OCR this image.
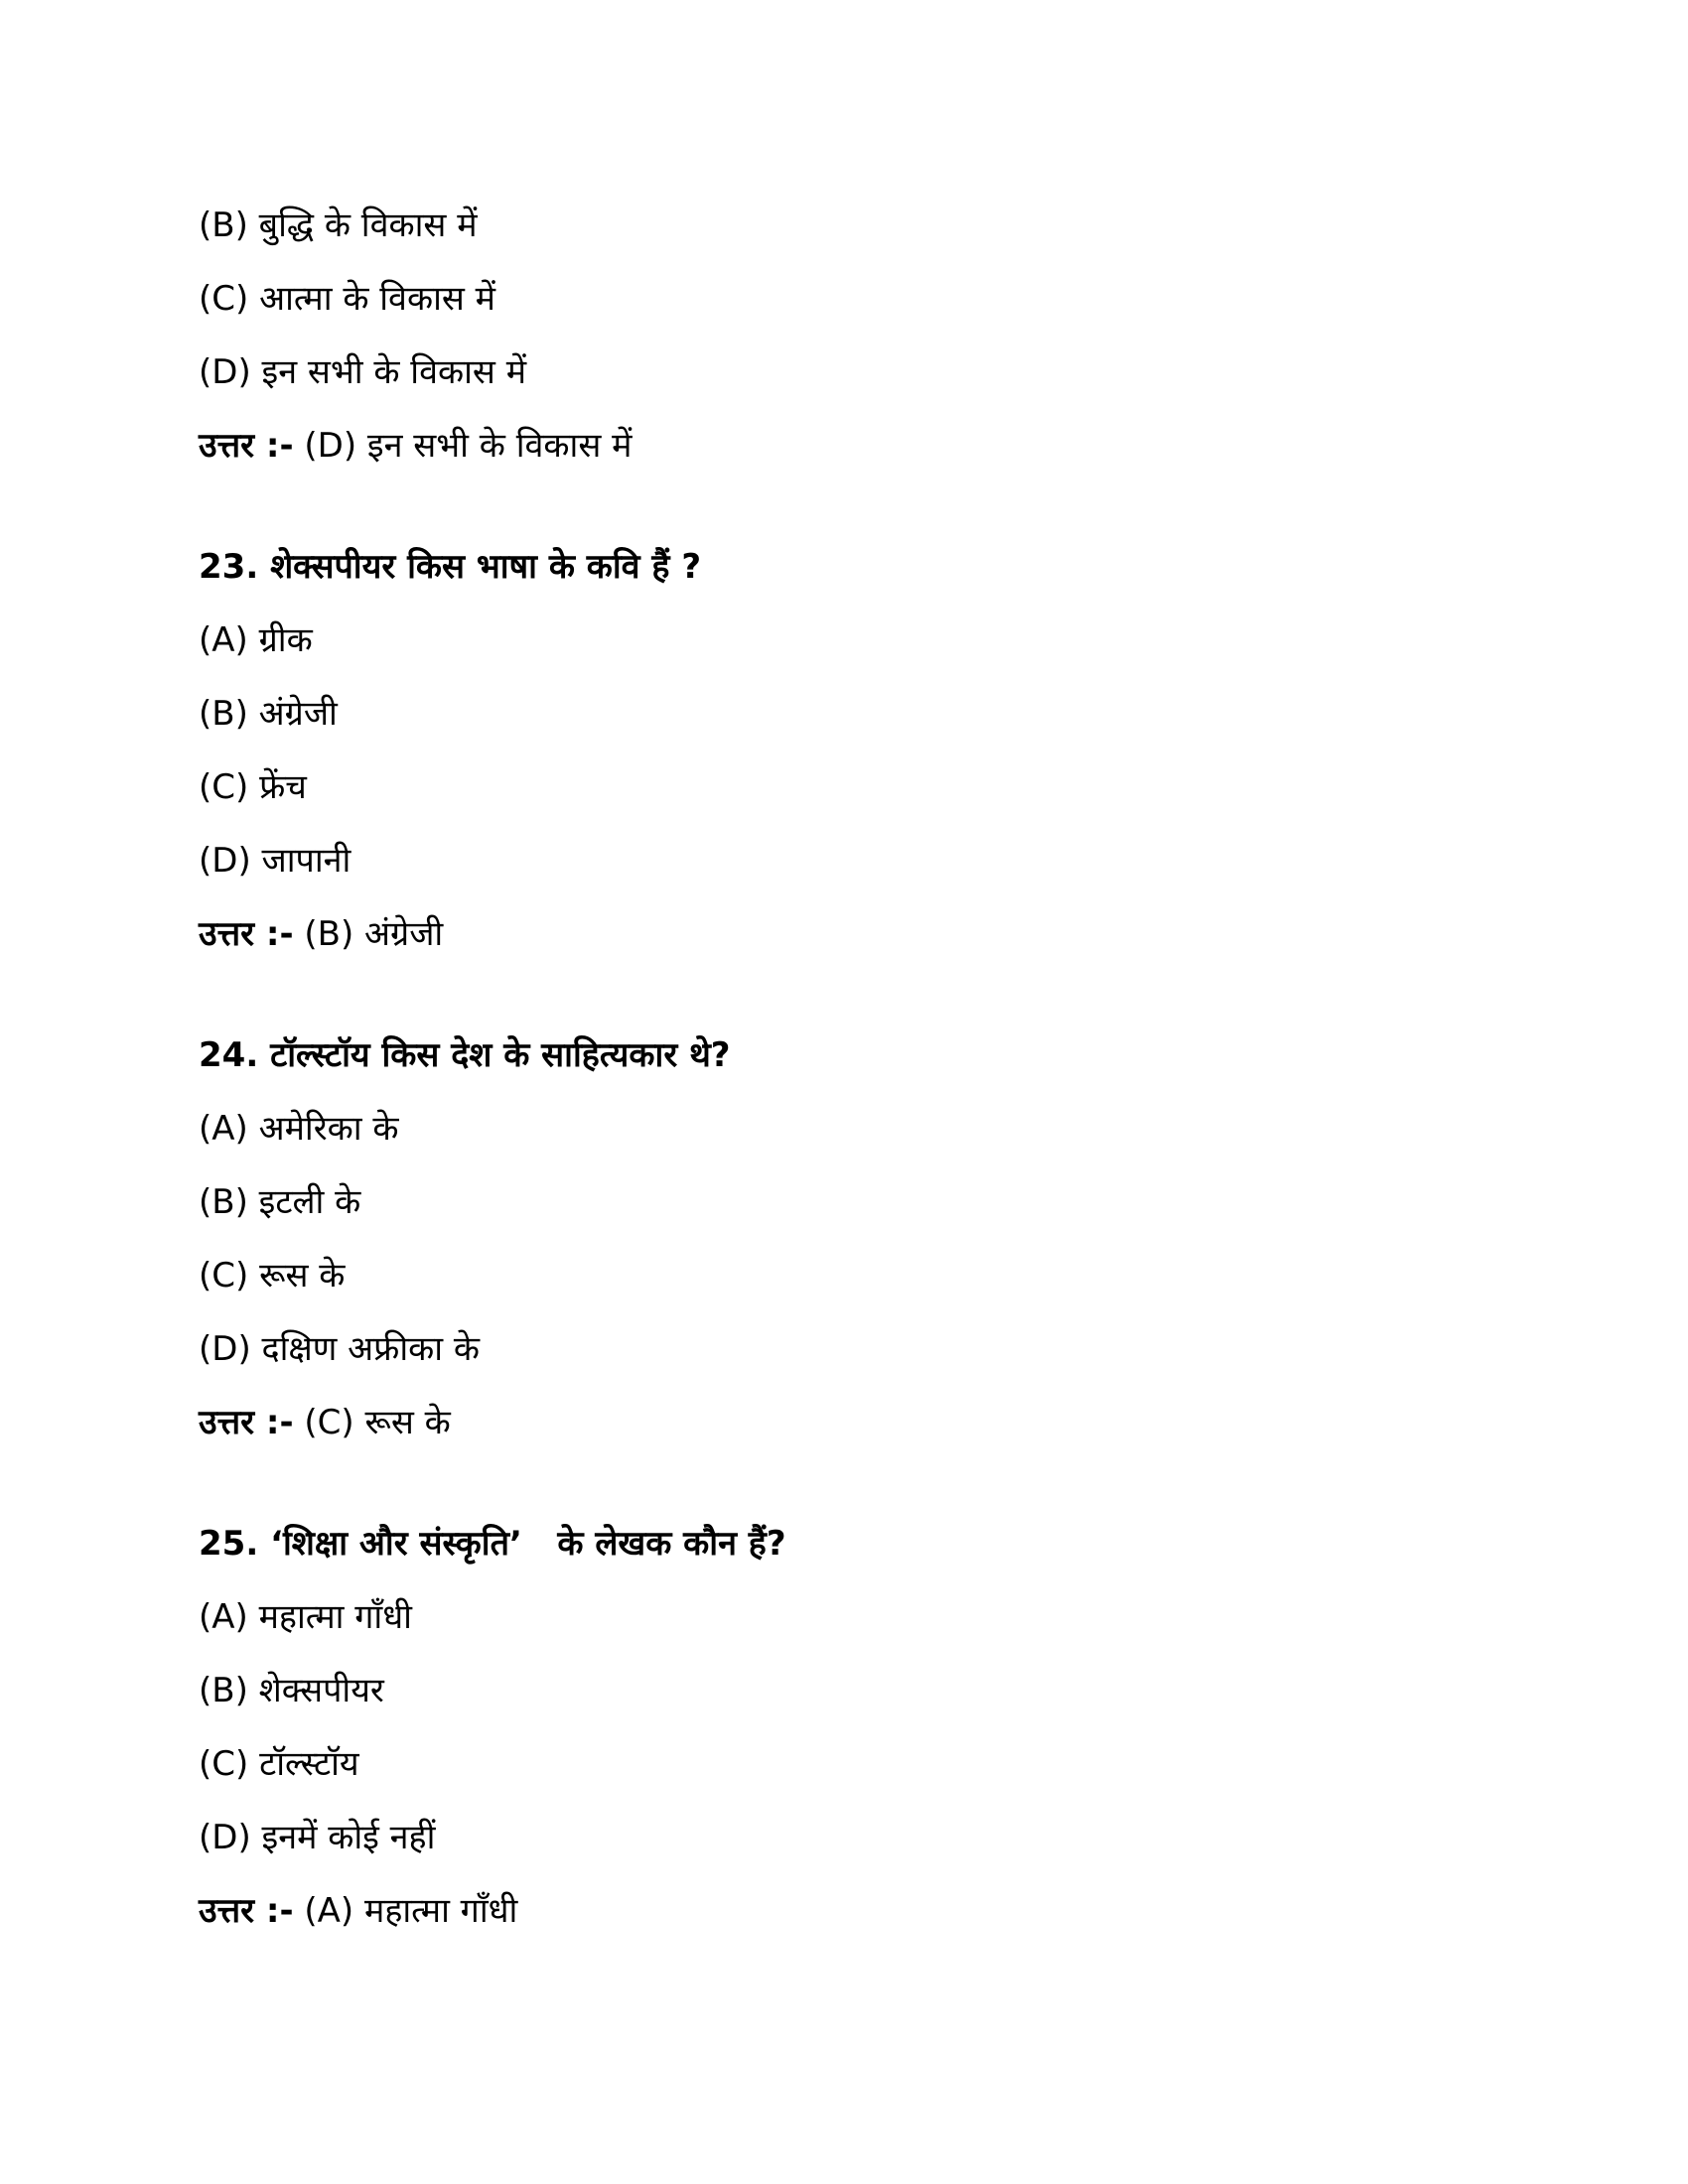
(B) बुद्धि के विकास में
(C) आत्मा के विकास में
(D) इन सभी के विकास में
उत्तर :- (D) इन सभी के विकास में
23. शेक्सपीयर किस भाषा के कवि हैं ?
(A) ग्रीक
(B) अंग्रेजी
(C) फ्रेंच
(D) जापानी
उत्तर :- (B) अंग्रेजी
24. टॉल्स्टॉय किस देश के साहित्यकार थे?
(A) अमेरिका के
(B) इटली के
(C) रूस के
(D) दक्षिण अफ्रीका के
उत्तर :- (C) रूस के
25. ‘शिक्षा और संस्कृति’   के लेखक कौन हैं?
(A) महात्मा गाँधी
(B) शेक्सपीयर
(C) टॉल्स्टॉय
(D) इनमें कोई नहीं
उत्तर :- (A) महात्मा गाँधी
